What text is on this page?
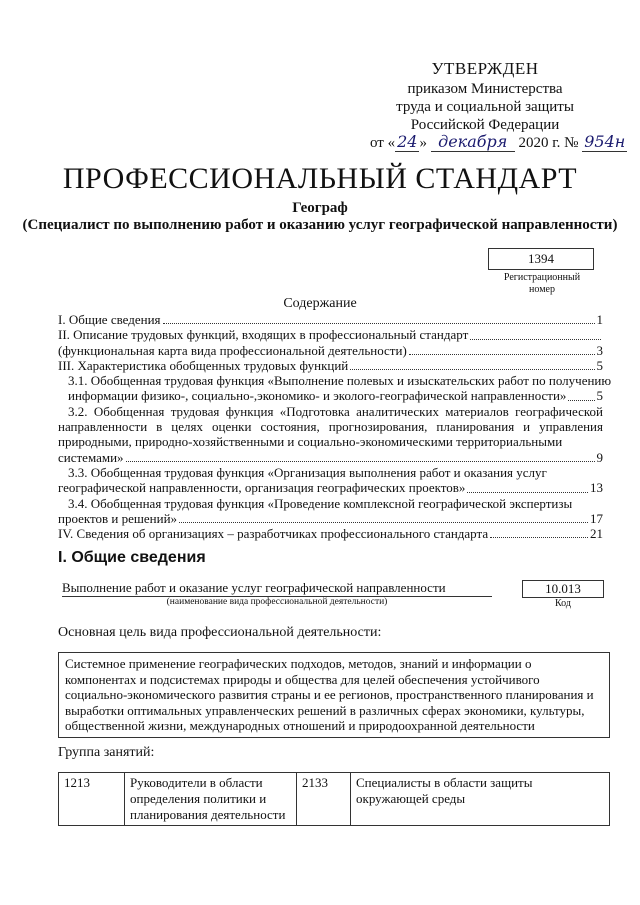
УТВЕРЖДЕН
приказом Министерства
труда и социальной защиты
Российской Федерации
от « 24 » декабря 2020 г. № 954н
ПРОФЕССИОНАЛЬНЫЙ СТАНДАРТ
Географ
(Специалист по выполнению работ и оказанию услуг географической направленности)
1394
Регистрационный номер
Содержание
I. Общие сведения	1
II. Описание трудовых функций, входящих в профессиональный стандарт
(функциональная карта вида профессиональной деятельности)	3
III. Характеристика обобщенных трудовых функций	5
3.1. Обобщенная трудовая функция «Выполнение полевых и изыскательских работ по получению
информации физико-, социально-,экономико- и эколого-географической направленности» 5
3.2. Обобщенная трудовая функция «Подготовка аналитических материалов географической направленности в целях оценки состояния, прогнозирования, планирования и управления природными, природно-хозяйственными и социально-экономическими территориальными
системами»	9
3.3. Обобщенная трудовая функция «Организация выполнения работ и оказания услуг
географической направленности, организация географических проектов»	13
3.4. Обобщенная трудовая функция «Проведение комплексной географической экспертизы
проектов и решений»	17
IV. Сведения об организациях – разработчиках профессионального стандарта	21
I. Общие сведения
Выполнение работ и оказание услуг географической направленности
(наименование вида профессиональной деятельности)
10.013
Код
Основная цель вида профессиональной деятельности:
Системное применение географических подходов, методов, знаний и информации о компонентах и подсистемах природы и общества для целей обеспечения устойчивого социально-экономического развития страны и ее регионов, пространственного планирования и выработки оптимальных управленческих решений в различных сферах экономики, культуры, общественной жизни, международных отношений и природоохранной деятельности
Группа занятий:
1213	Руководители в области определения политики и планирования деятельности	2133	Специалисты в области защиты окружающей среды
